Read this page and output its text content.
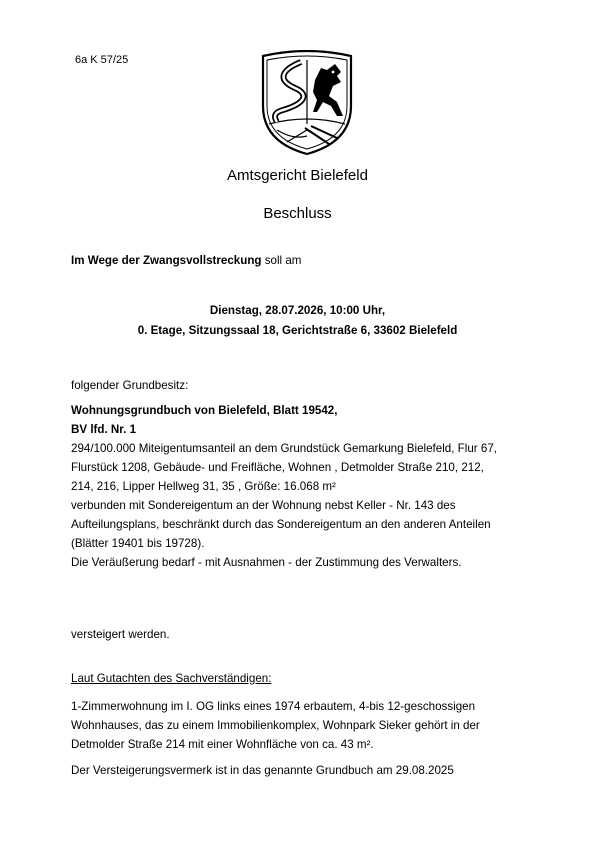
6a K 57/25
Amtsgericht Bielefeld
Beschluss
Im Wege der Zwangsvollstreckung soll am
Dienstag, 28.07.2026, 10:00 Uhr,
0. Etage, Sitzungssaal 18, Gerichtstraße 6, 33602 Bielefeld
folgender Grundbesitz:

Wohnungsgrundbuch von Bielefeld, Blatt 19542,

BV lfd. Nr. 1

294/100.000 Miteigentumsanteil an dem Grundstück Gemarkung Bielefeld, Flur 67,

Flurstück 1208, Gebäude- und Freifläche, Wohnen , Detmolder Straße 210, 212,

214, 216, Lipper Hellweg 31, 35 , Größe: 16.068 m²

verbunden mit Sondereigentum an der Wohnung nebst Keller - Nr. 143 des

Aufteilungsplans, beschränkt durch das Sondereigentum an den anderen Anteilen

(Blätter 19401 bis 19728).

Die Veräußerung bedarf - mit Ausnahmen - der Zustimmung des Verwalters.

versteigert werden.
Laut Gutachten des Sachverständigen:

1-Zimmerwohnung im I. OG links eines 1974 erbautem, 4-bis 12-geschossigen

Wohnhauses, das zu einem Immobilienkomplex, Wohnpark Sieker gehört in der

Detmolder Straße 214 mit einer Wohnfläche von ca. 43 m².

Der Versteigerungsvermerk ist in das genannte Grundbuch am 29.08.2025
